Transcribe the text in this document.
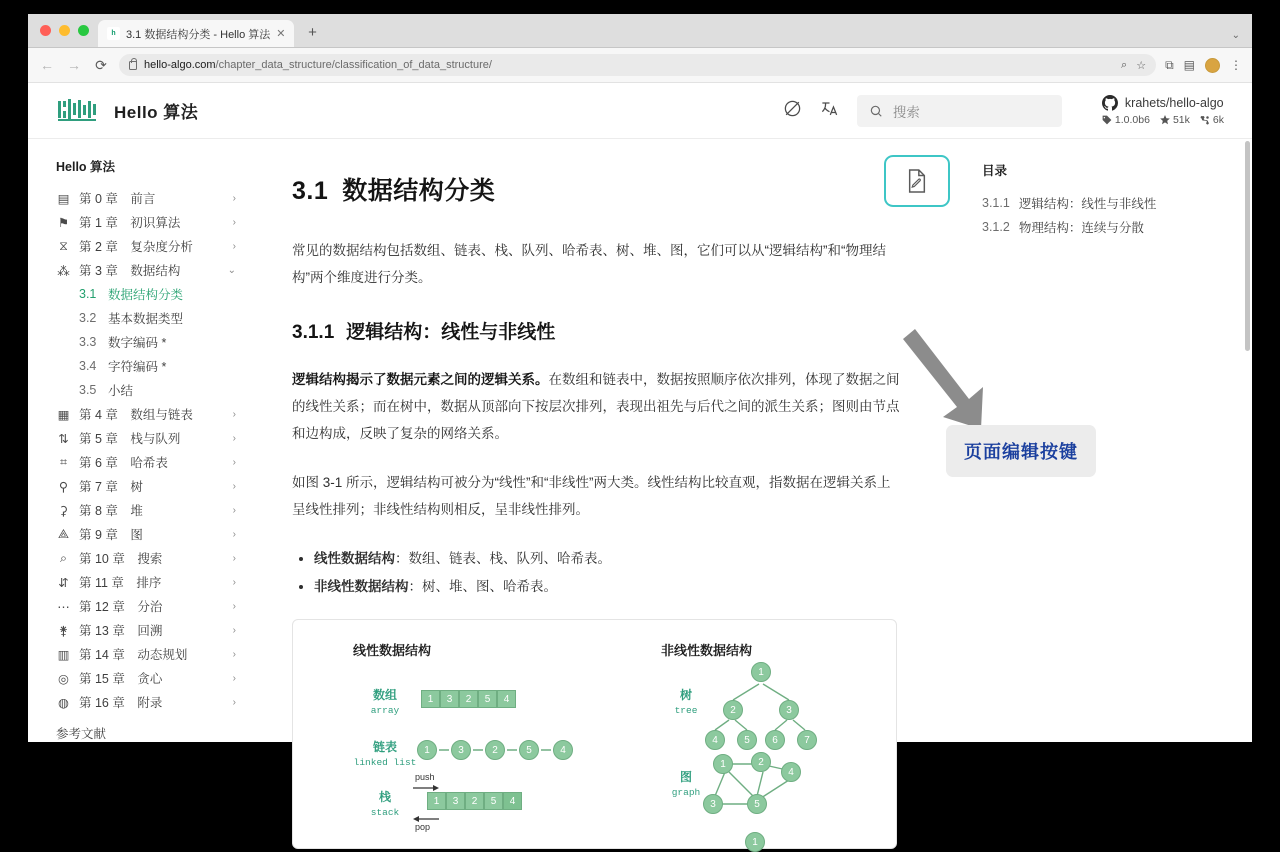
h 3.1 数据结构分类 - Hello 算法 ✕	+	⌄
← → ⟳	hello-algo.com/chapter_data_structure/classification_of_data_structure/	⌕ ☆ ⧉ ▤	⋮
Hello 算法	搜索
krahets/hello-algo
1.0.0b6 51k 6k
Hello 算法
▤ 第 0 章　前言	›
⚑ 第 1 章　初识算法	›
⧖ 第 2 章　复杂度分析	›
⁂ 第 3 章　数据结构	⌄
3.1 数据结构分类
3.2 基本数据类型
3.3 数字编码 *
3.4 字符编码 *
3.5 小结
▦ 第 4 章　数组与链表	›
⇅ 第 5 章　栈与队列	›
⌗ 第 6 章　哈希表	›
⚲ 第 7 章　树	›
⚳ 第 8 章　堆	›
⟁ 第 9 章　图	›
⌕ 第 10 章　搜索	›
⇵ 第 11 章　排序	›
⋯ 第 12 章　分治	›
⚵ 第 13 章　回溯	›
▥ 第 14 章　动态规划	›
◎ 第 15 章　贪心	›
◍ 第 16 章　附录	›
参考文献
3.1 数据结构分类

常见的数据结构包括数组、链表、栈、队列、哈希表、树、堆、图，它们可以从“逻辑结构”和“物理结构”两个维度进行分类。

3.1.1 逻辑结构：线性与非线性

逻辑结构揭示了数据元素之间的逻辑关系。在数组和链表中，数据按照顺序依次排列，体现了数据之间的线性关系；而在树中，数据从顶部向下按层次排列，表现出祖先与后代之间的派生关系；图则由节点和边构成，反映了复杂的网络关系。

如图 3-1 所示，逻辑结构可被分为“线性”和“非线性”两大类。线性结构比较直观，指数据在逻辑关系上呈线性排列；非线性结构则相反，呈非线性排列。

• 线性数据结构：数组、链表、栈、队列、哈希表。
• 非线性数据结构：树、堆、图、哈希表。
线性数据结构	非线性数据结构
数组
array
1	3	2	5	4
链表
linked list
1	3	2	5	4
栈
stack
push
1	3	2	5	4
pop
树
tree
1
2	3
4	5	6	7
图
graph
1	2
4
3	5
1
目录
3.1.1 逻辑结构：线性与非线性
3.1.2 物理结构：连续与分散
页面编辑按键
